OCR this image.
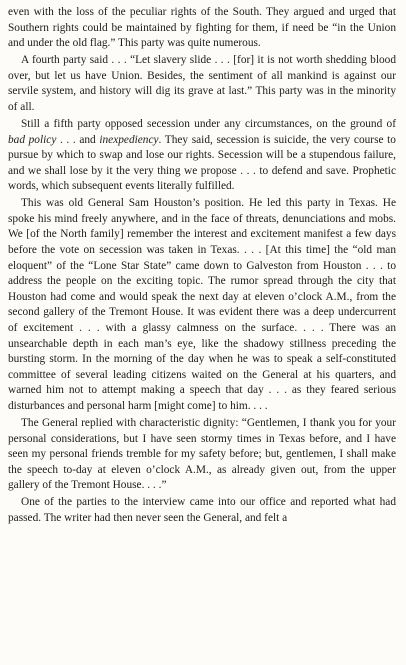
even with the loss of the peculiar rights of the South. They argued and urged that Southern rights could be maintained by fighting for them, if need be “in the Union and under the old flag.” This party was quite numerous.

A fourth party said . . . “Let slavery slide . . . [for] it is not worth shedding blood over, but let us have Union. Besides, the sentiment of all mankind is against our servile system, and history will dig its grave at last.” This party was in the minority of all.

Still a fifth party opposed secession under any circumstances, on the ground of bad policy . . . and inexpediency. They said, secession is suicide, the very course to pursue by which to swap and lose our rights. Secession will be a stupendous failure, and we shall lose by it the very thing we propose . . . to defend and save. Prophetic words, which subsequent events literally fulfilled.

This was old General Sam Houston’s position. He led this party in Texas. He spoke his mind freely anywhere, and in the face of threats, denunciations and mobs. We [of the North family] remember the interest and excitement manifest a few days before the vote on secession was taken in Texas. . . . [At this time] the “old man eloquent” of the “Lone Star State” came down to Galveston from Houston . . . to address the people on the exciting topic. The rumor spread through the city that Houston had come and would speak the next day at eleven o’clock A.M., from the second gallery of the Tremont House. It was evident there was a deep undercurrent of excitement . . . with a glassy calmness on the surface. . . . There was an unsearchable depth in each man’s eye, like the shadowy stillness preceding the bursting storm. In the morning of the day when he was to speak a self-constituted committee of several leading citizens waited on the General at his quarters, and warned him not to attempt making a speech that day . . . as they feared serious disturbances and personal harm [might come] to him. . . .

The General replied with characteristic dignity: “Gentlemen, I thank you for your personal considerations, but I have seen stormy times in Texas before, and I have seen my personal friends tremble for my safety before; but, gentlemen, I shall make the speech to-day at eleven o’clock A.M., as already given out, from the upper gallery of the Tremont House. . . .”

One of the parties to the interview came into our office and reported what had passed. The writer had then never seen the General, and felt a
